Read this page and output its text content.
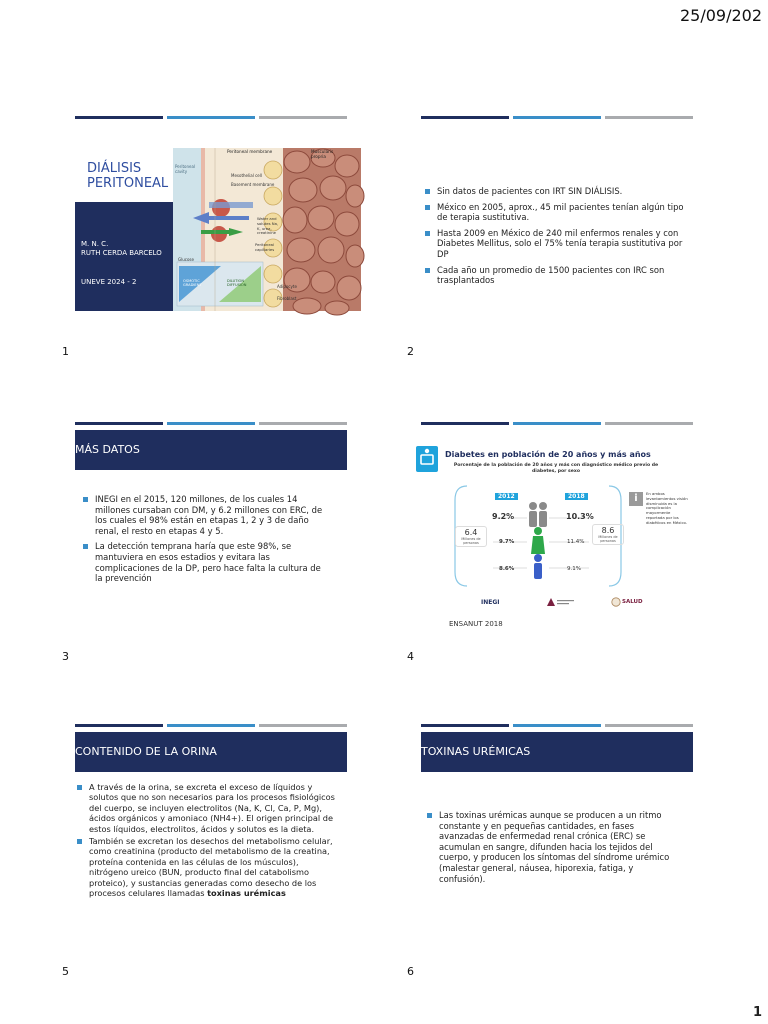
25/09/202
DIÁLISIS
PERITONEAL
M. N. C.
RUTH CERDA BARCELO
UNEVE 2024 - 2
Peritoneal membrane	Muscularis propria
Peritoneal cavity
Mesothelial cell
Basement membrane
Water and solutes Na, K, urea, creatinine
Glucose
Peritoneal capillaries
OSMOTIC GRADIENT
DILUTION DIFFUSION	Adipocyte
Fibroblast
1
Sin datos de pacientes con IRT SIN DIÁLISIS.
México en 2005, aprox., 45 mil pacientes tenían algún tipo de terapia sustitutiva.
Hasta 2009 en México de 240 mil enfermos renales y con Diabetes Mellitus, solo el 75% tenía terapia sustitutiva por DP
Cada año un promedio de 1500 pacientes con IRC son trasplantados
2
MÁS DATOS
INEGI en el 2015, 120 millones, de los cuales 14 millones cursaban con DM, y 6.2 millones con ERC, de los cuales el 98% están en etapas 1, 2 y 3 de daño renal, el resto en etapas 4 y 5.
La detección temprana haría que este 98%, se mantuviera en esos estadios y evitara las complicaciones de la DP, pero hace falta la cultura de la prevención
3
Diabetes en población de 20 años y más años
Porcentaje de la población de 20 años y más con diagnóstico médico previo de diabetes, por sexo
2012	2018
9.2%	10.3%
9.7%	11.4%
8.6%	9.1%
6.4
Millones de personas
8.6
Millones de personas
i	En ambos levantamientos visión disminuida es la complicación mayormente reportada por los diabéticos en México.
INEGI	SALUD
ENSANUT 2018
4
CONTENIDO DE LA ORINA
A través de la orina, se excreta el exceso de líquidos y solutos que no son necesarios para los procesos fisiológicos del cuerpo, se incluyen electrolitos (Na, K, Cl, Ca, P, Mg), ácidos orgánicos y amoniaco (NH4+). El origen principal de estos líquidos, electrolitos, ácidos y solutos es la dieta.
También se excretan los desechos del metabolismo celular, como creatinina (producto del metabolismo de la creatina, proteína contenida en las células de los músculos), nitrógeno ureico (BUN, producto final del catabolismo proteico), y sustancias generadas como desecho de los procesos celulares llamadas toxinas urémicas
5
TOXINAS URÉMICAS
Las toxinas urémicas aunque se producen a un ritmo constante y en pequeñas cantidades, en fases avanzadas de enfermedad renal crónica (ERC) se acumulan en sangre, difunden hacia los tejidos del cuerpo, y producen los síntomas del síndrome urémico (malestar general, náusea, hiporexia, fatiga, y confusión).
6
1
